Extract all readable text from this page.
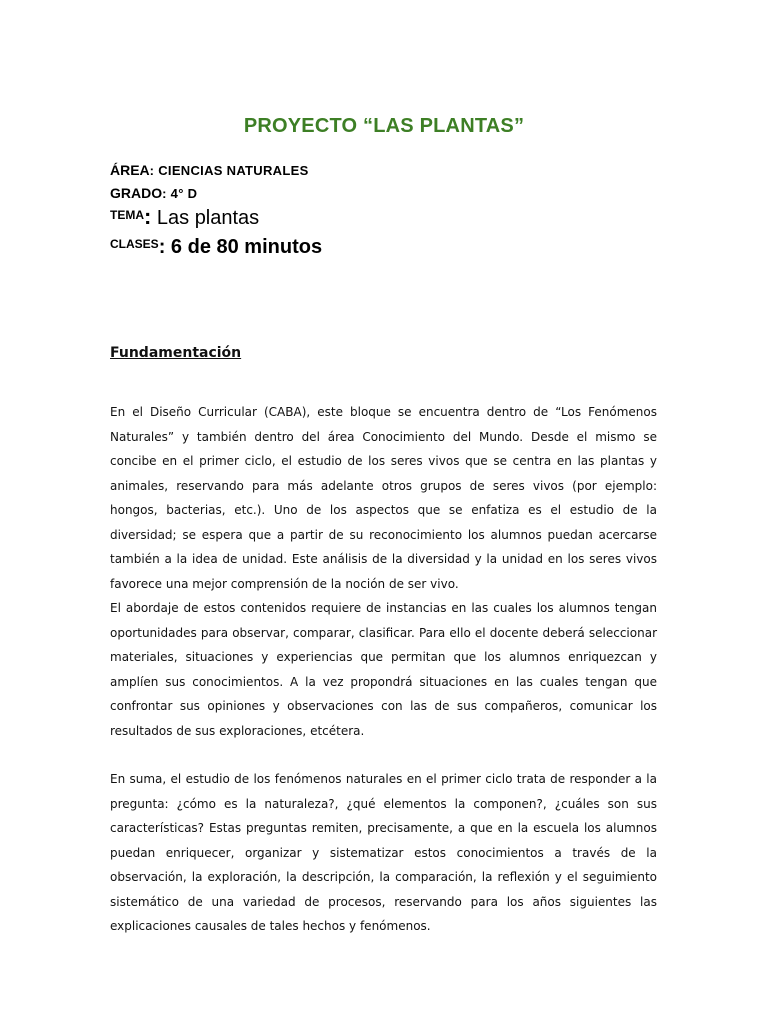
PROYECTO “LAS PLANTAS”
ÁREA: CIENCIAS NATURALES
GRADO: 4° D
$^{TEMA}$: Las plantas
$^{CLASES}$: 6 de 80 minutos
Fundamentación

En el Diseño Curricular (CABA), este bloque se encuentra dentro de “Los Fenómenos Naturales” y también dentro del área Conocimiento del Mundo. Desde el mismo se concibe en el primer ciclo, el estudio de los seres vivos que se centra en las plantas y animales, reservando para más adelante otros grupos de seres vivos (por ejemplo: hongos, bacterias, etc.). Uno de los aspectos que se enfatiza es el estudio de la diversidad; se espera que a partir de su reconocimiento los alumnos puedan acercarse también a la idea de unidad. Este análisis de la diversidad y la unidad en los seres vivos favorece una mejor comprensión de la noción de ser vivo.

El abordaje de estos contenidos requiere de instancias en las cuales los alumnos tengan oportunidades para observar, comparar, clasificar. Para ello el docente deberá seleccionar materiales, situaciones y experiencias que permitan que los alumnos enriquezcan y amplíen sus conocimientos. A la vez propondrá situaciones en las cuales tengan que confrontar sus opiniones y observaciones con las de sus compañeros, comunicar los resultados de sus exploraciones, etcétera.

En suma, el estudio de los fenómenos naturales en el primer ciclo trata de responder a la pregunta: ¿cómo es la naturaleza?, ¿qué elementos la componen?, ¿cuáles son sus características? Estas preguntas remiten, precisamente, a que en la escuela los alumnos puedan enriquecer, organizar y sistematizar estos conocimientos a través de la observación, la exploración, la descripción, la comparación, la reflexión y el seguimiento sistemático de una variedad de procesos, reservando para los años siguientes las explicaciones causales de tales hechos y fenómenos.
